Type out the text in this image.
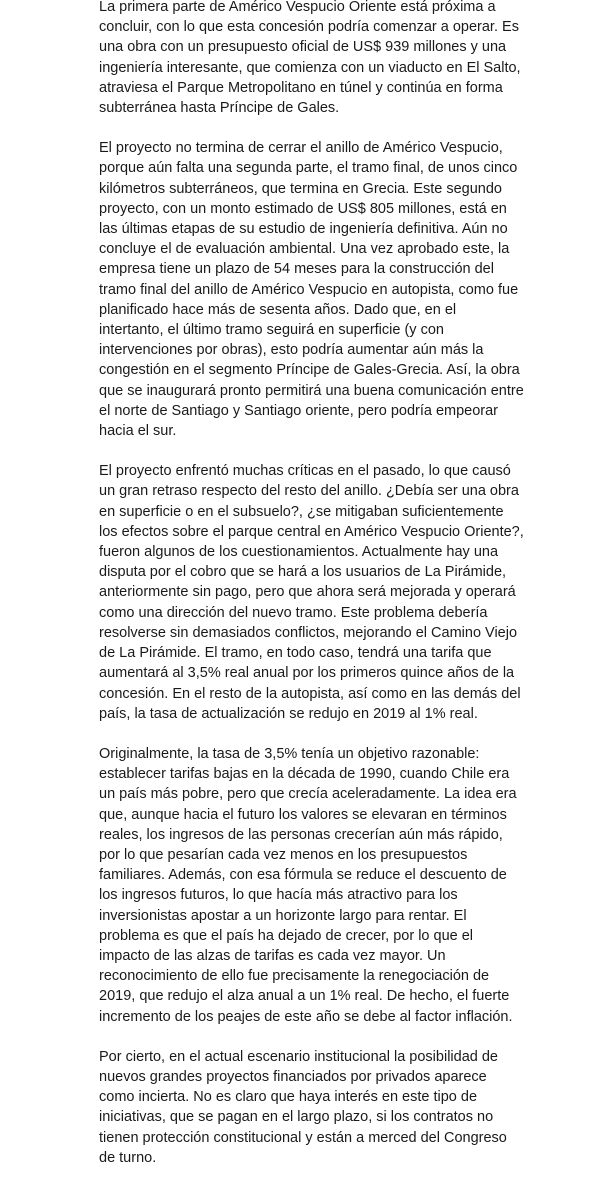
La primera parte de Américo Vespucio Oriente está próxima a
concluir, con lo que esta concesión podría comenzar a operar. Es
una obra con un presupuesto oficial de US$ 939 millones y una
ingeniería interesante, que comienza con un viaducto en El Salto,
atraviesa el Parque Metropolitano en túnel y continúa en forma
subterránea hasta Príncipe de Gales.

El proyecto no termina de cerrar el anillo de Américo Vespucio,
porque aún falta una segunda parte, el tramo final, de unos cinco
kilómetros subterráneos, que termina en Grecia. Este segundo
proyecto, con un monto estimado de US$ 805 millones, está en
las últimas etapas de su estudio de ingeniería definitiva. Aún no
concluye el de evaluación ambiental. Una vez aprobado este, la
empresa tiene un plazo de 54 meses para la construcción del
tramo final del anillo de Américo Vespucio en autopista, como fue
planificado hace más de sesenta años. Dado que, en el
intertanto, el último tramo seguirá en superficie (y con
intervenciones por obras), esto podría aumentar aún más la
congestión en el segmento Príncipe de Gales-Grecia. Así, la obra
que se inaugurará pronto permitirá una buena comunicación entre
el norte de Santiago y Santiago oriente, pero podría empeorar
hacia el sur.

El proyecto enfrentó muchas críticas en el pasado, lo que causó
un gran retraso respecto del resto del anillo. ¿Debía ser una obra
en superficie o en el subsuelo?, ¿se mitigaban suficientemente
los efectos sobre el parque central en Américo Vespucio Oriente?,
fueron algunos de los cuestionamientos. Actualmente hay una
disputa por el cobro que se hará a los usuarios de La Pirámide,
anteriormente sin pago, pero que ahora será mejorada y operará
como una dirección del nuevo tramo. Este problema debería
resolverse sin demasiados conflictos, mejorando el Camino Viejo
de La Pirámide. El tramo, en todo caso, tendrá una tarifa que
aumentará al 3,5% real anual por los primeros quince años de la
concesión. En el resto de la autopista, así como en las demás del
país, la tasa de actualización se redujo en 2019 al 1% real.

Originalmente, la tasa de 3,5% tenía un objetivo razonable:
establecer tarifas bajas en la década de 1990, cuando Chile era
un país más pobre, pero que crecía aceleradamente. La idea era
que, aunque hacia el futuro los valores se elevaran en términos
reales, los ingresos de las personas crecerían aún más rápido,
por lo que pesarían cada vez menos en los presupuestos
familiares. Además, con esa fórmula se reduce el descuento de
los ingresos futuros, lo que hacía más atractivo para los
inversionistas apostar a un horizonte largo para rentar. El
problema es que el país ha dejado de crecer, por lo que el
impacto de las alzas de tarifas es cada vez mayor. Un
reconocimiento de ello fue precisamente la renegociación de
2019, que redujo el alza anual a un 1% real. De hecho, el fuerte
incremento de los peajes de este año se debe al factor inflación.

Por cierto, en el actual escenario institucional la posibilidad de
nuevos grandes proyectos financiados por privados aparece
como incierta. No es claro que haya interés en este tipo de
iniciativas, que se pagan en el largo plazo, si los contratos no
tienen protección constitucional y están a merced del Congreso
de turno.
